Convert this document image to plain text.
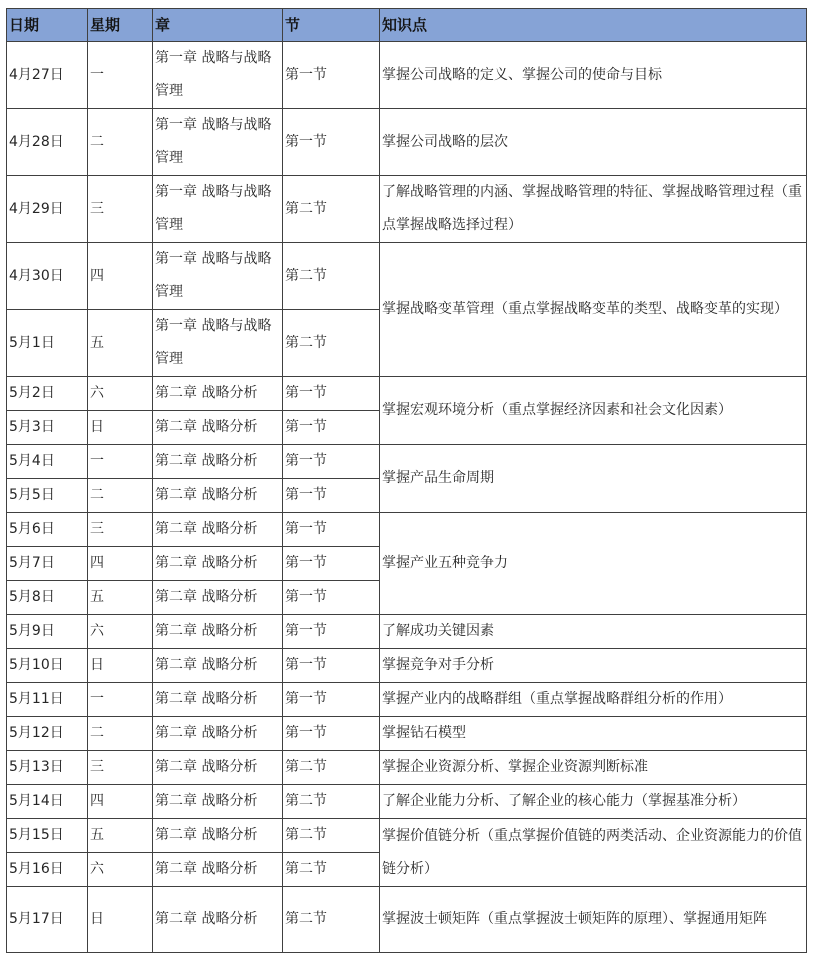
日期	星期	章	节	知识点
4月27日	一	第一章 战略与战略管理	第一节	掌握公司战略的定义、掌握公司的使命与目标
4月28日	二	第一章 战略与战略管理	第一节	掌握公司战略的层次
4月29日	三	第一章 战略与战略管理	第二节	了解战略管理的内涵、掌握战略管理的特征、掌握战略管理过程（重点掌握战略选择过程）
4月30日	四	第一章 战略与战略管理	第二节	掌握战略变革管理（重点掌握战略变革的类型、战略变革的实现）
5月1日	五	第一章 战略与战略管理	第二节	
5月2日	六	第二章 战略分析	第一节	掌握宏观环境分析（重点掌握经济因素和社会文化因素）
5月3日	日	第二章 战略分析	第一节	
5月4日	一	第二章 战略分析	第一节	掌握产品生命周期
5月5日	二	第二章 战略分析	第一节	
5月6日	三	第二章 战略分析	第一节	掌握产业五种竞争力
5月7日	四	第二章 战略分析	第一节	
5月8日	五	第二章 战略分析	第一节	
5月9日	六	第二章 战略分析	第一节	了解成功关键因素
5月10日	日	第二章 战略分析	第一节	掌握竞争对手分析
5月11日	一	第二章 战略分析	第一节	掌握产业内的战略群组（重点掌握战略群组分析的作用）
5月12日	二	第二章 战略分析	第一节	掌握钻石模型
5月13日	三	第二章 战略分析	第二节	掌握企业资源分析、掌握企业资源判断标准
5月14日	四	第二章 战略分析	第二节	了解企业能力分析、了解企业的核心能力（掌握基准分析）
5月15日	五	第二章 战略分析	第二节	掌握价值链分析（重点掌握价值链的两类活动、企业资源能力的价值链分析）
5月16日	六	第二章 战略分析	第二节	
5月17日	日	第二章 战略分析	第二节	掌握波士顿矩阵（重点掌握波士顿矩阵的原理）、掌握通用矩阵
